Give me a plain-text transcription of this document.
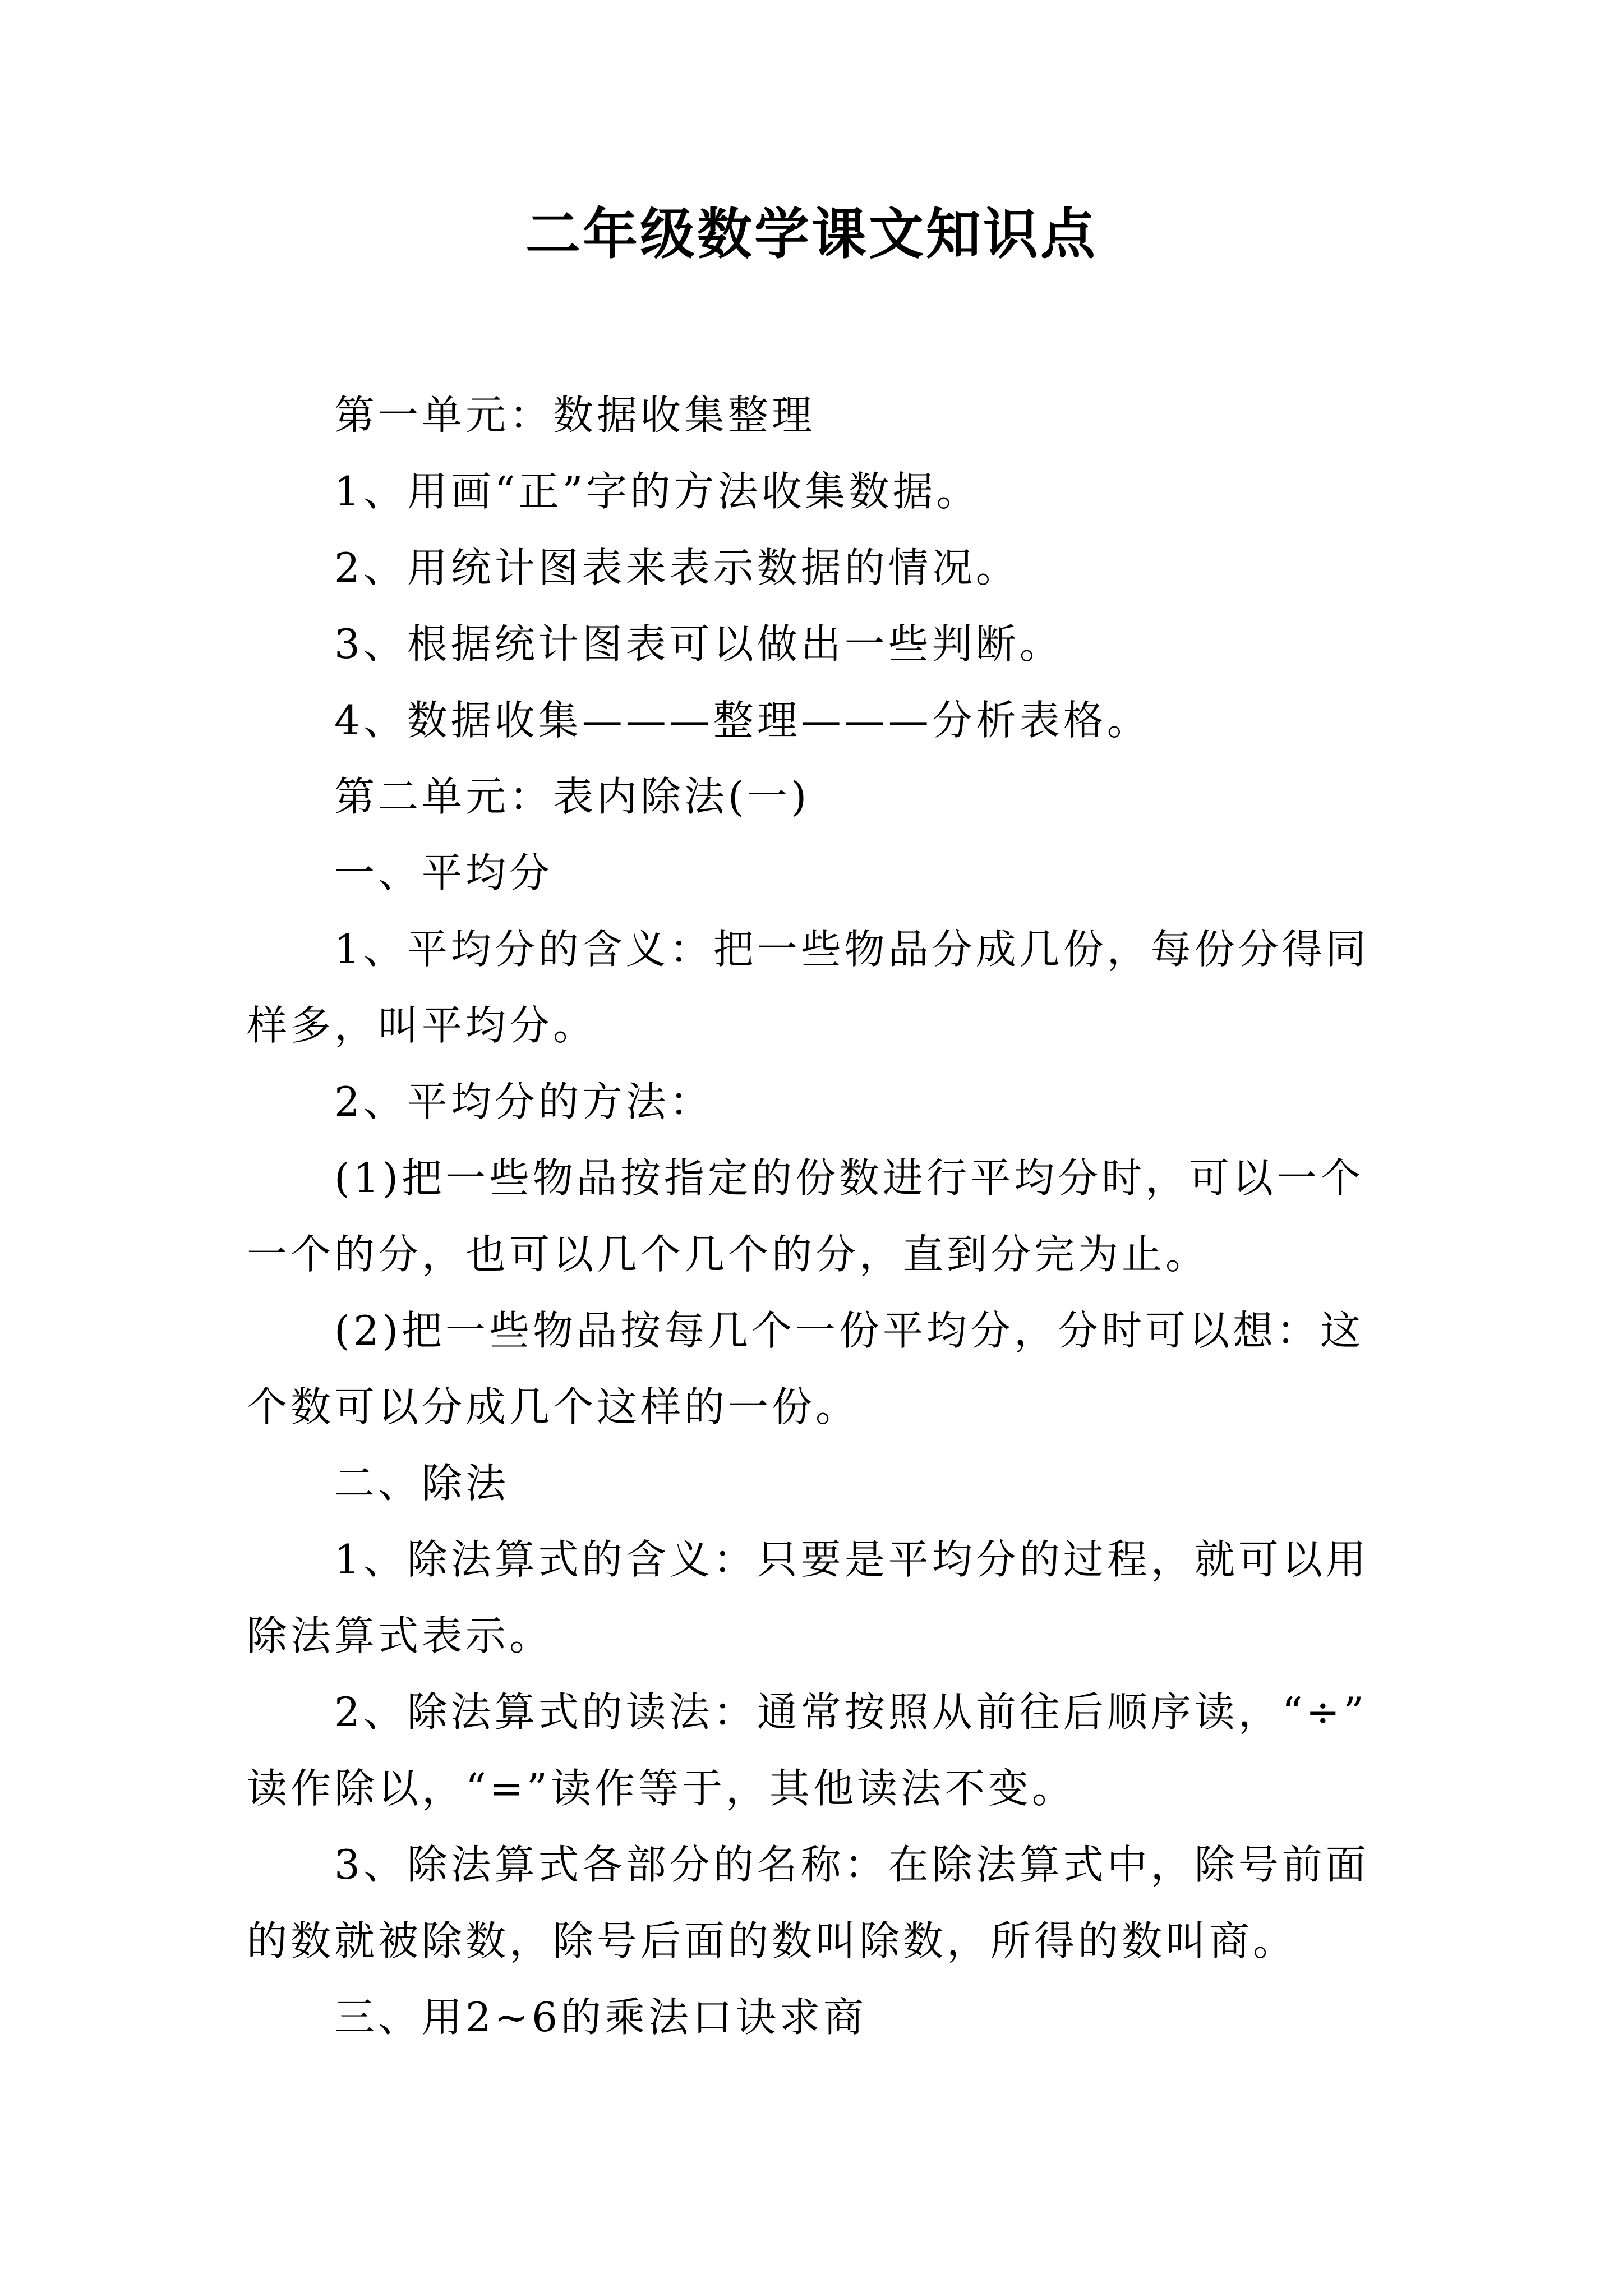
二年级数学课文知识点
第一单元：数据收集整理
1、用画“正”字的方法收集数据。
2、用统计图表来表示数据的情况。
3、根据统计图表可以做出一些判断。
4、数据收集———整理———分析表格。
第二单元：表内除法(一)
一、平均分
1、平均分的含义：把一些物品分成几份，每份分得同
样多，叫平均分。
2、平均分的方法：
(1)把一些物品按指定的份数进行平均分时，可以一个
一个的分，也可以几个几个的分，直到分完为止。
(2)把一些物品按每几个一份平均分，分时可以想：这
个数可以分成几个这样的一份。
二、除法
1、除法算式的含义：只要是平均分的过程，就可以用
除法算式表示。
2、除法算式的读法：通常按照从前往后顺序读，“÷”
读作除以，“=”读作等于，其他读法不变。
3、除法算式各部分的名称：在除法算式中，除号前面
的数就被除数，除号后面的数叫除数，所得的数叫商。
三、用2~6的乘法口诀求商
